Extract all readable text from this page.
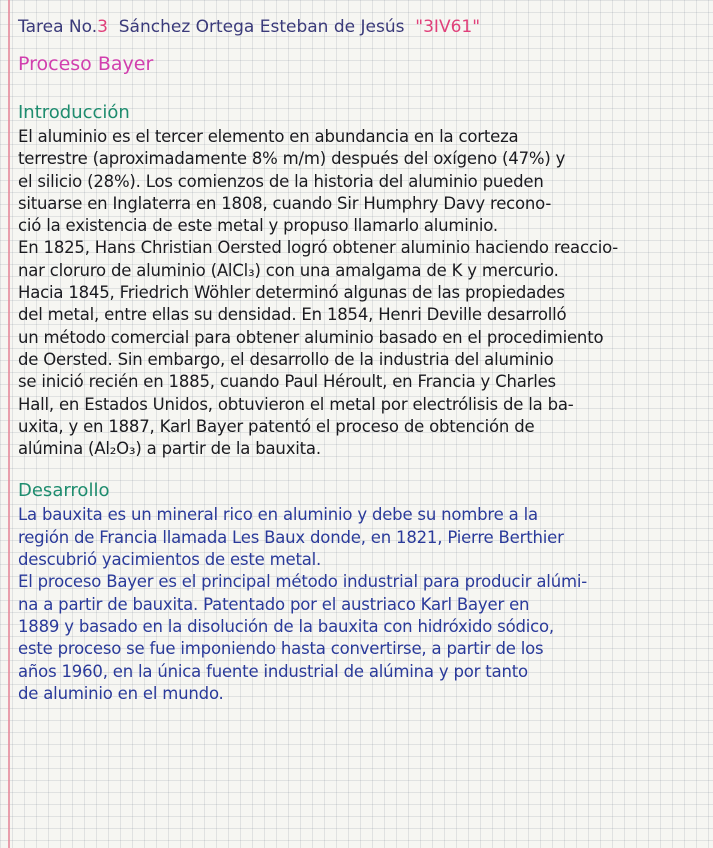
Tarea No.3 Sánchez Ortega Esteban de Jesús "3IV61"
Proceso Bayer
Introducción
El aluminio es el tercer elemento en abundancia en la corteza
terrestre (aproximadamente 8% m/m) después del oxígeno (47%) y
el silicio (28%). Los comienzos de la historia del aluminio pueden
situarse en Inglaterra en 1808, cuando Sir Humphry Davy recono-
ció la existencia de este metal y propuso llamarlo aluminio.
En 1825, Hans Christian Oersted logró obtener aluminio haciendo reaccio-
nar cloruro de aluminio (AlCl₃) con una amalgama de K y mercurio.
Hacia 1845, Friedrich Wöhler determinó algunas de las propiedades
del metal, entre ellas su densidad. En 1854, Henri Deville desarrolló
un método comercial para obtener aluminio basado en el procedimiento
de Oersted. Sin embargo, el desarrollo de la industria del aluminio
se inició recién en 1885, cuando Paul Héroult, en Francia y Charles
Hall, en Estados Unidos, obtuvieron el metal por electrólisis de la ba-
uxita, y en 1887, Karl Bayer patentó el proceso de obtención de
alúmina (Al₂O₃) a partir de la bauxita.
Desarrollo
La bauxita es un mineral rico en aluminio y debe su nombre a la
región de Francia llamada Les Baux donde, en 1821, Pierre Berthier
descubrió yacimientos de este metal.
El proceso Bayer es el principal método industrial para producir alúmi-
na a partir de bauxita. Patentado por el austriaco Karl Bayer en
1889 y basado en la disolución de la bauxita con hidróxido sódico,
este proceso se fue imponiendo hasta convertirse, a partir de los
años 1960, en la única fuente industrial de alúmina y por tanto
de aluminio en el mundo.
